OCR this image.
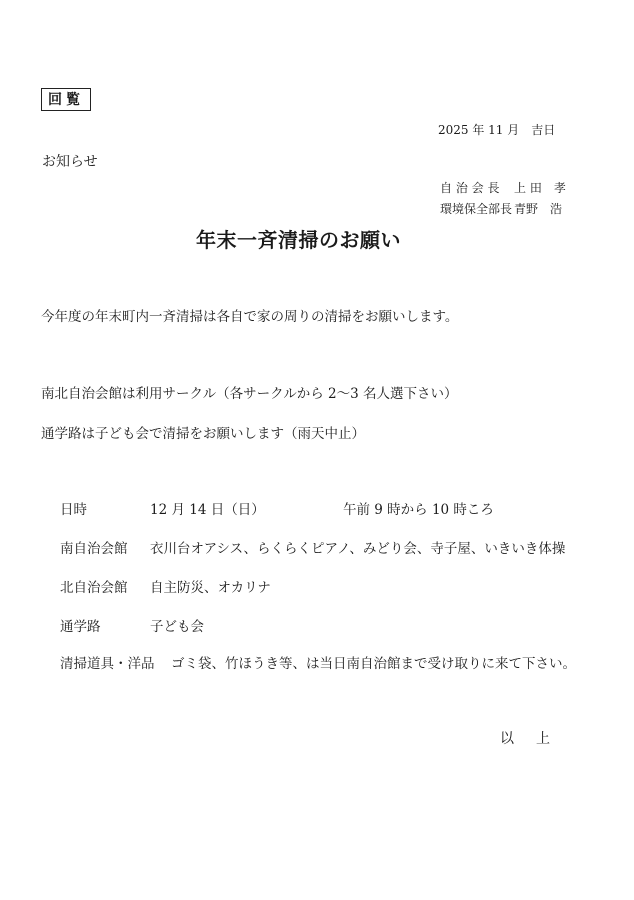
回覧
2025 年 11 月　吉日
お知らせ
自 治 会 長 上 田　孝
環境保全部長 青野　浩
年末一斉清掃のお願い
今年度の年末町内一斉清掃は各自で家の周りの清掃をお願いします。
南北自治会館は利用サークル（各サークルから 2〜3 名人選下さい）
通学路は子ども会で清掃をお願いします（雨天中止）
日時	12 月 14 日（日）	午前 9 時から 10 時ころ
南自治会館 衣川台オアシス、らくらくピアノ、みどり会、寺子屋、いきいき体操
北自治会館 自主防災、オカリナ
通学路	子ども会
清掃道具・洋品 ゴミ袋、竹ほうき等、は当日南自治館まで受け取りに来て下さい。
以上
